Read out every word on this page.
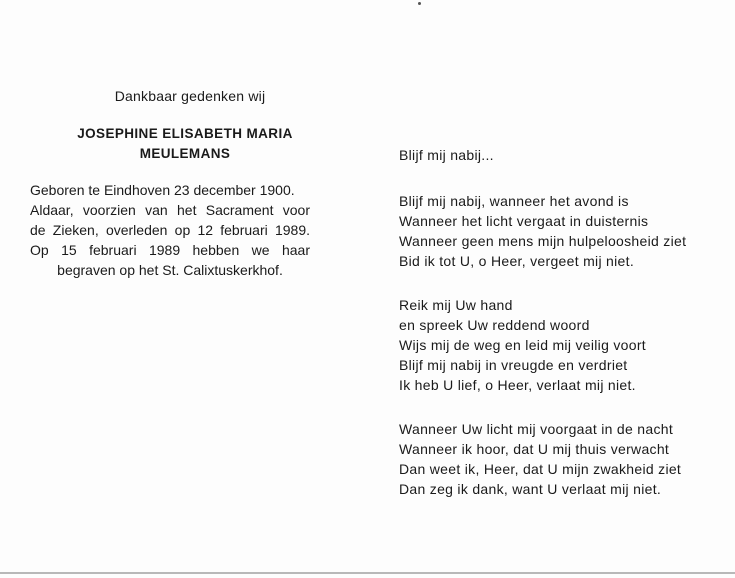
Dankbaar gedenken wij
JOSEPHINE ELISABETH MARIA
MEULEMANS
Geboren te Eindhoven 23 december 1900.
Aldaar, voorzien van het Sacrament voor
de Zieken, overleden op 12 februari 1989.
Op 15 februari 1989 hebben we haar
begraven op het St. Calixtuskerkhof.
Blijf mij nabij...
Blijf mij nabij, wanneer het avond is
Wanneer het licht vergaat in duisternis
Wanneer geen mens mijn hulpeloosheid ziet
Bid ik tot U, o Heer, vergeet mij niet.
Reik mij Uw hand
en spreek Uw reddend woord
Wijs mij de weg en leid mij veilig voort
Blijf mij nabij in vreugde en verdriet
Ik heb U lief, o Heer, verlaat mij niet.
Wanneer Uw licht mij voorgaat in de nacht
Wanneer ik hoor, dat U mij thuis verwacht
Dan weet ik, Heer, dat U mijn zwakheid ziet
Dan zeg ik dank, want U verlaat mij niet.
